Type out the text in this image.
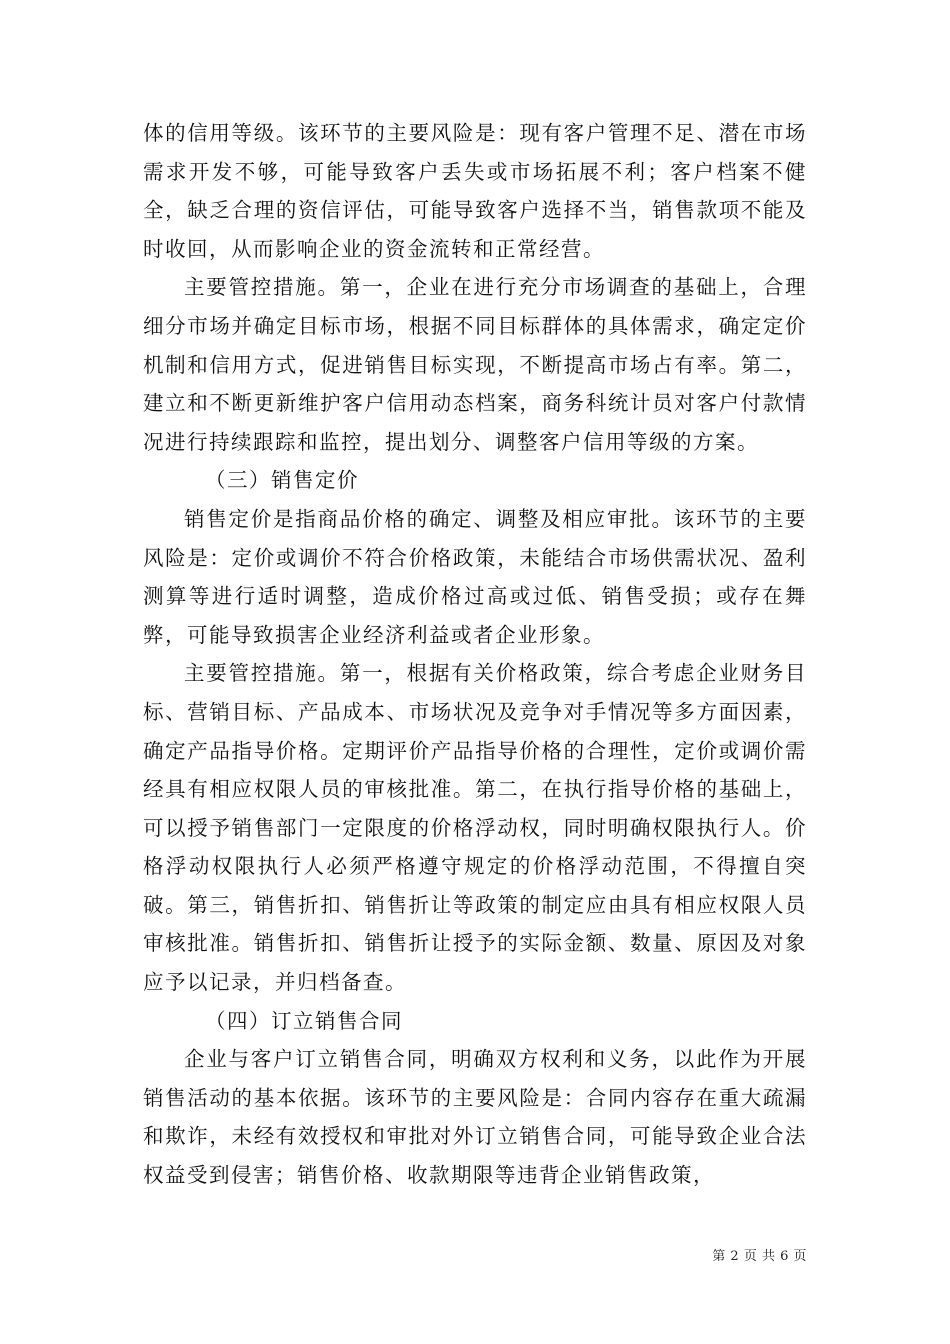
体的信用等级。该环节的主要风险是：现有客户管理不足、潜在市场需求开发不够，可能导致客户丢失或市场拓展不利；客户档案不健全，缺乏合理的资信评估，可能导致客户选择不当，销售款项不能及时收回，从而影响企业的资金流转和正常经营。

主要管控措施。第一，企业在进行充分市场调查的基础上，合理细分市场并确定目标市场，根据不同目标群体的具体需求，确定定价机制和信用方式，促进销售目标实现，不断提高市场占有率。第二，建立和不断更新维护客户信用动态档案，商务科统计员对客户付款情况进行持续跟踪和监控，提出划分、调整客户信用等级的方案。

（三）销售定价

销售定价是指商品价格的确定、调整及相应审批。该环节的主要风险是：定价或调价不符合价格政策，未能结合市场供需状况、盈利测算等进行适时调整，造成价格过高或过低、销售受损；或存在舞弊，可能导致损害企业经济利益或者企业形象。

主要管控措施。第一，根据有关价格政策，综合考虑企业财务目标、营销目标、产品成本、市场状况及竞争对手情况等多方面因素，确定产品指导价格。定期评价产品指导价格的合理性，定价或调价需经具有相应权限人员的审核批准。第二，在执行指导价格的基础上，可以授予销售部门一定限度的价格浮动权，同时明确权限执行人。价格浮动权限执行人必须严格遵守规定的价格浮动范围，不得擅自突破。第三，销售折扣、销售折让等政策的制定应由具有相应权限人员审核批准。销售折扣、销售折让授予的实际金额、数量、原因及对象应予以记录，并归档备查。

（四）订立销售合同

企业与客户订立销售合同，明确双方权利和义务，以此作为开展销售活动的基本依据。该环节的主要风险是：合同内容存在重大疏漏和欺诈，未经有效授权和审批对外订立销售合同，可能导致企业合法权益受到侵害；销售价格、收款期限等违背企业销售政策，

第 2 页 共 6 页
